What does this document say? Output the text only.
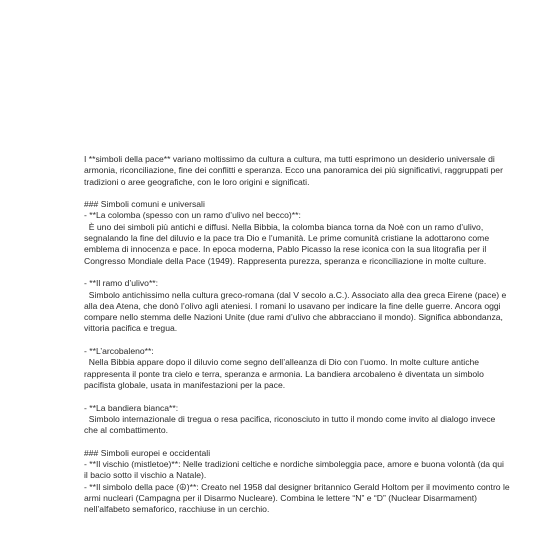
I **simboli della pace** variano moltissimo da cultura a cultura, ma tutti esprimono un desiderio universale di armonia, riconciliazione, fine dei conflitti e speranza. Ecco una panoramica dei più significativi, raggruppati per tradizioni o aree geografiche, con le loro origini e significati.

### Simboli comuni e universali

- **La colomba (spesso con un ramo d’ulivo nel becco)**:

È uno dei simboli più antichi e diffusi. Nella Bibbia, la colomba bianca torna da Noè con un ramo d’ulivo, segnalando la fine del diluvio e la pace tra Dio e l’umanità. Le prime comunità cristiane la adottarono come emblema di innocenza e pace. In epoca moderna, Pablo Picasso la rese iconica con la sua litografia per il Congresso Mondiale della Pace (1949). Rappresenta purezza, speranza e riconciliazione in molte culture.

- **Il ramo d’ulivo**:

Simbolo antichissimo nella cultura greco-romana (dal V secolo a.C.). Associato alla dea greca Eirene (pace) e alla dea Atena, che donò l’olivo agli ateniesi. I romani lo usavano per indicare la fine delle guerre. Ancora oggi compare nello stemma delle Nazioni Unite (due rami d’ulivo che abbracciano il mondo). Significa abbondanza, vittoria pacifica e tregua.

- **L’arcobaleno**:

Nella Bibbia appare dopo il diluvio come segno dell’alleanza di Dio con l’uomo. In molte culture antiche rappresenta il ponte tra cielo e terra, speranza e armonia. La bandiera arcobaleno è diventata un simbolo pacifista globale, usata in manifestazioni per la pace.

- **La bandiera bianca**:

Simbolo internazionale di tregua o resa pacifica, riconosciuto in tutto il mondo come invito al dialogo invece che al combattimento.

### Simboli europei e occidentali

- **Il vischio (mistletoe)**: Nelle tradizioni celtiche e nordiche simboleggia pace, amore e buona volontà (da qui il bacio sotto il vischio a Natale).

- **Il simbolo della pace (☮)**: Creato nel 1958 dal designer britannico Gerald Holtom per il movimento contro le armi nucleari (Campagna per il Disarmo Nucleare). Combina le lettere “N” e “D” (Nuclear Disarmament) nell’alfabeto semaforico, racchiuse in un cerchio.
